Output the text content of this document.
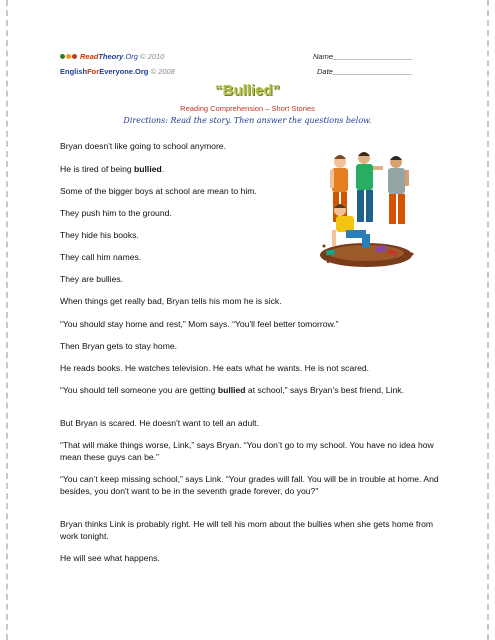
ReadTheory.Org © 2010
EnglishForEveryone.Org © 2008
Name___________________
Date___________________
“Bullied”
Reading Comprehension – Short Stories
Directions: Read the story. Then answer the questions below.

Bryan doesn't like going to school anymore.

He is tired of being bullied.

Some of the bigger boys at school are mean to him.

They push him to the ground.

They hide his books.

They call him names.

They are bullies.

When things get really bad, Bryan tells his mom he is sick.

“You should stay home and rest,” Mom says. “You'll feel better tomorrow.”

Then Bryan gets to stay home.

He reads books. He watches television. He eats what he wants. He is not scared.

“You should tell someone you are getting bullied at school,” says Bryan’s best friend, Link.

But Bryan is scared. He doesn't want to tell an adult.

“That will make things worse, Link,” says Bryan. “You don’t go to my school. You have no idea how mean these guys can be.”

“You can’t keep missing school,” says Link. “Your grades will fall. You will be in trouble at home. And besides, you don't want to be in the seventh grade forever, do you?”

Bryan thinks Link is probably right. He will tell his mom about the bullies when she gets home from work tonight.

He will see what happens.
